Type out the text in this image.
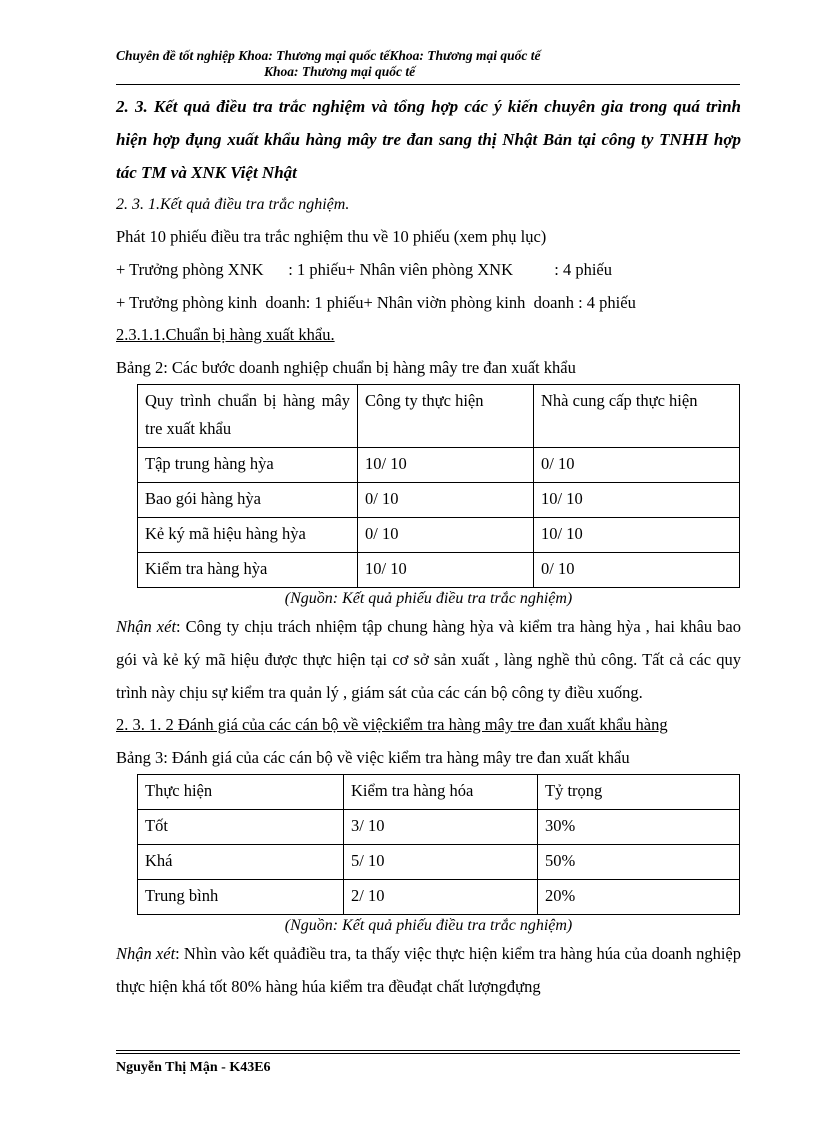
Chuyên đề tốt nghiệp Khoa: Thương mại quốc tếKhoa: Thương mại quốc tế
Khoa: Thương mại quốc tế

2. 3. Kết quả điều tra trắc nghiệm và tổng hợp các ý kiến chuyên gia trong quá trình hiện hợp đụng xuất khẩu hàng mây tre đan sang thị Nhật Bản tại công ty TNHH hợp tác TM và XNK Việt Nhật

2. 3. 1.Kết quả điều tra trắc nghiệm.

Phát 10 phiếu điều tra trắc nghiệm thu về 10 phiếu (xem phụ lục)

+ Trưởng phòng XNK      : 1 phiếu+ Nhân viên phòng XNK          : 4 phiếu

+ Trưởng phòng kinh  doanh: 1 phiếu+ Nhân viờn phòng kinh  doanh : 4 phiếu

2.3.1.1.Chuẩn bị hàng xuất khẩu.

Bảng 2: Các bước doanh nghiệp chuẩn bị hàng mây tre đan xuất khẩu

Quy trình chuẩn bị hàng mây tre xuất khẩu	Công ty thực hiện	Nhà cung cấp thực hiện
Tập trung hàng hỳa	10/ 10	0/ 10
Bao gói hàng hỳa	0/ 10	10/ 10
Kẻ ký mã hiệu hàng hỳa	0/ 10	10/ 10
Kiểm tra hàng hỳa	10/ 10	0/ 10

(Nguồn: Kết quả phiếu điều tra trắc nghiệm)

Nhận xét: Công ty chịu trách nhiệm tập chung hàng hỳa và kiểm tra hàng hỳa , hai khâu bao gói và kẻ ký mã hiệu được thực hiện tại cơ sở sản xuất , làng nghề thủ công. Tất cả các quy trình này chịu sự kiểm tra quản lý , giám sát của các cán bộ công ty điều xuống.

2. 3. 1. 2 Đánh giá của các cán bộ về việckiểm tra hàng mây tre đan xuất khẩu hàng

Bảng 3: Đánh giá của các cán bộ về việc kiểm tra hàng mây tre đan xuất khẩu

Thực hiện	Kiểm tra hàng hóa	Tỷ trọng
Tốt	3/ 10	30%
Khá	5/ 10	50%
Trung bình	2/ 10	20%

(Nguồn: Kết quả phiếu điều tra trắc nghiệm)

Nhận xét: Nhìn vào kết quảđiều tra, ta thấy việc thực hiện kiểm tra hàng húa của doanh nghiệp thực hiện khá tốt 80% hàng húa kiểm tra đềuđạt chất lượngđựng

Nguyễn Thị Mận - K43E6
